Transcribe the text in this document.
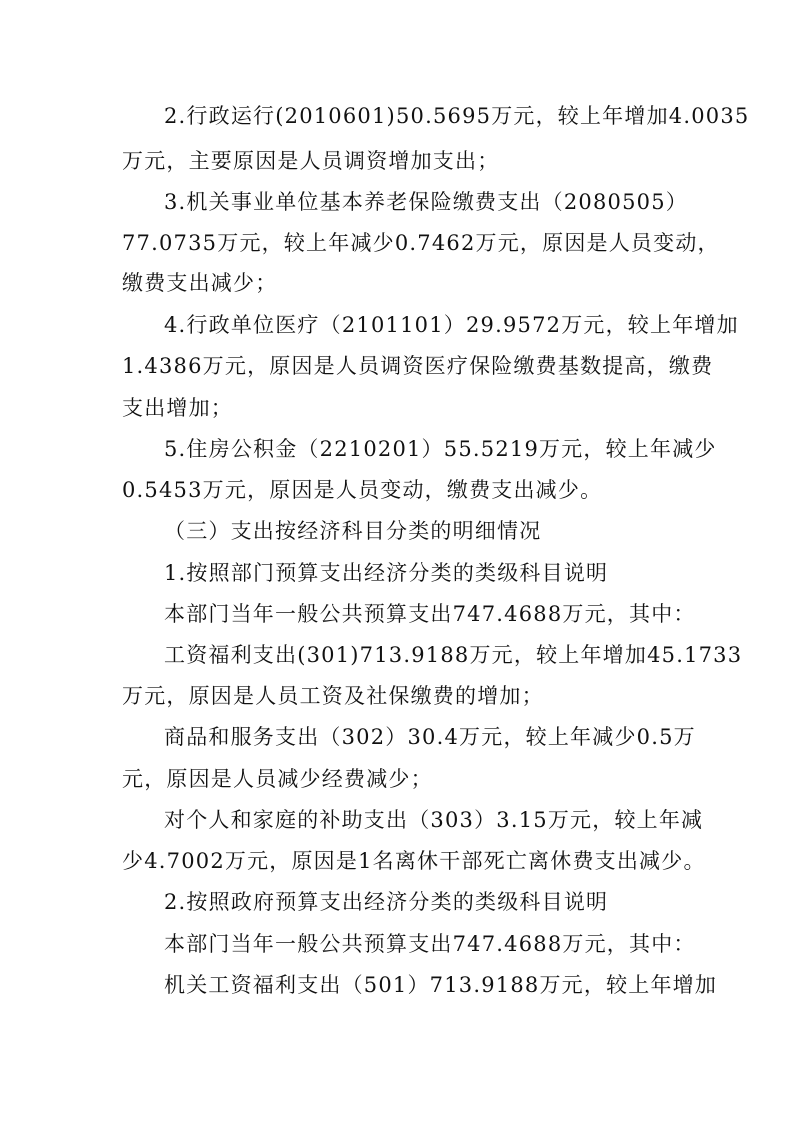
2.行政运行(2010601)50.5695万元，较上年增加4.0035

万元，主要原因是人员调资增加支出；

3.机关事业单位基本养老保险缴费支出（2080505）

77.0735万元，较上年减少0.7462万元，原因是人员变动，

缴费支出减少；

4.行政单位医疗（2101101）29.9572万元，较上年增加

1.4386万元，原因是人员调资医疗保险缴费基数提高，缴费

支出增加；

5.住房公积金（2210201）55.5219万元，较上年减少

0.5453万元，原因是人员变动，缴费支出减少。

（三）支出按经济科目分类的明细情况

1.按照部门预算支出经济分类的类级科目说明

本部门当年一般公共预算支出747.4688万元，其中：

工资福利支出(301)713.9188万元，较上年增加45.1733

万元，原因是人员工资及社保缴费的增加；

商品和服务支出（302）30.4万元，较上年减少0.5万

元，原因是人员减少经费减少；

对个人和家庭的补助支出（303）3.15万元，较上年减

少4.7002万元，原因是1名离休干部死亡离休费支出减少。

2.按照政府预算支出经济分类的类级科目说明

本部门当年一般公共预算支出747.4688万元，其中：

机关工资福利支出（501）713.9188万元，较上年增加
